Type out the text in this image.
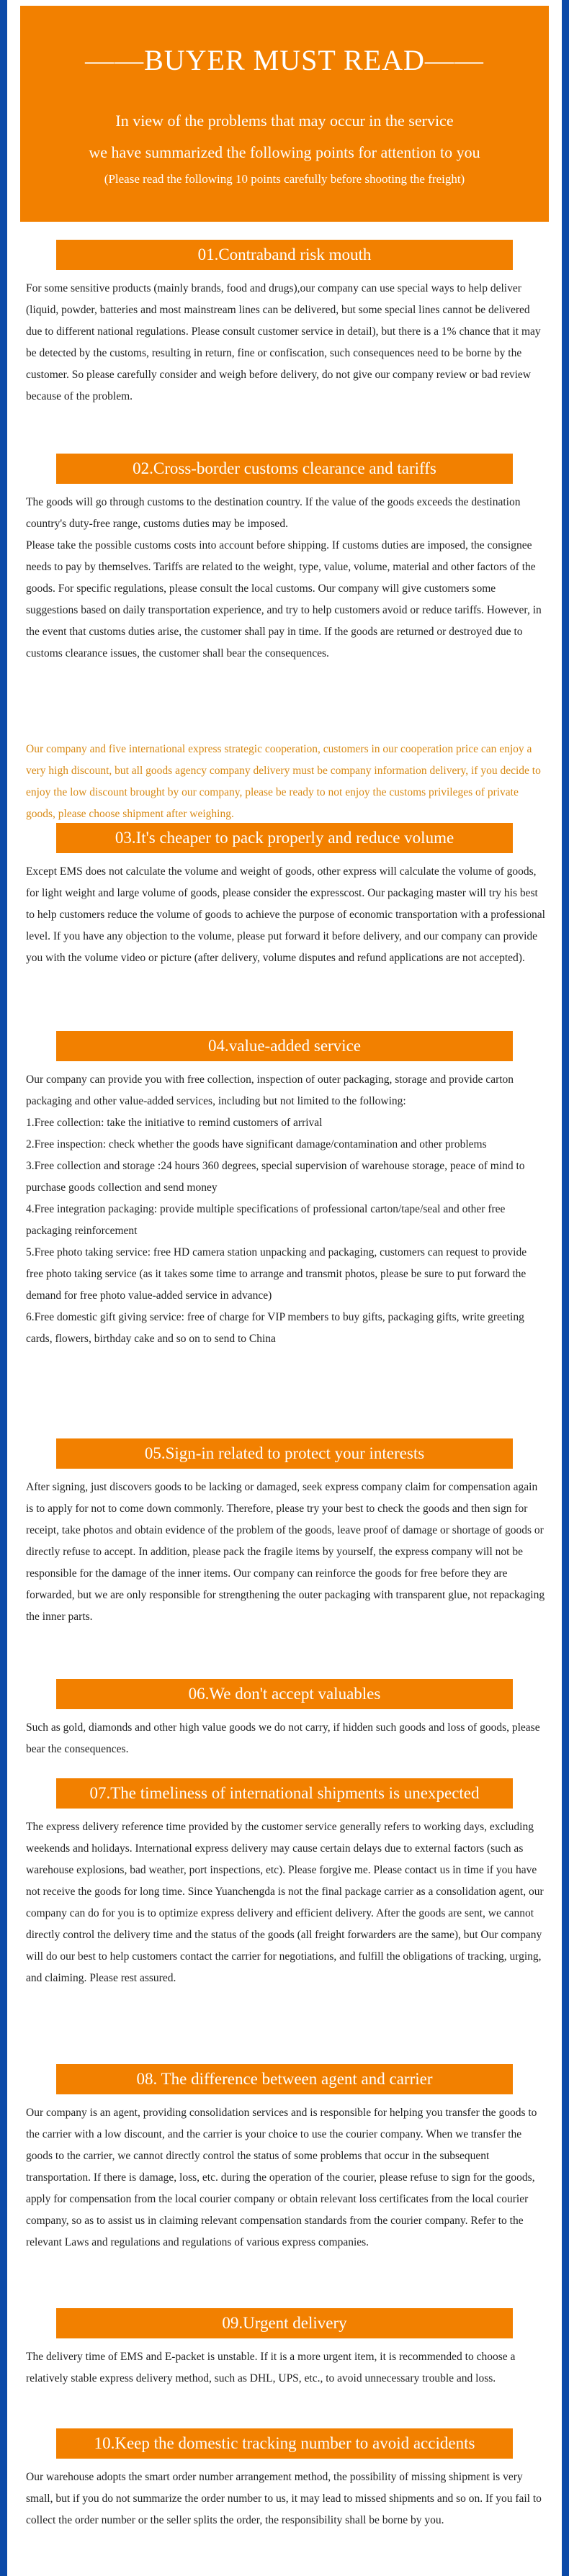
——BUYER MUST READ——
In view of the problems that may occur in the service
we have summarized the following points for attention to you
(Please read the following 10 points carefully before shooting the freight)
01.Contraband risk mouth

For some sensitive products (mainly brands, food and drugs),our company can use special ways to help deliver (liquid, powder, batteries and most mainstream lines can be delivered, but some special lines cannot be delivered due to different national regulations. Please consult customer service in detail), but there is a 1% chance that it may be detected by the customs, resulting in return, fine or confiscation, such consequences need to be borne by the customer. So please carefully consider and weigh before delivery, do not give our company review or bad review because of the problem.

02.Cross-border customs clearance and tariffs

The goods will go through customs to the destination country. If the value of the goods exceeds the destination country's duty-free range, customs duties may be imposed.

Please take the possible customs costs into account before shipping. If customs duties are imposed, the consignee needs to pay by themselves. Tariffs are related to the weight, type, value, volume, material and other factors of the goods. For specific regulations, please consult the local customs. Our company will give customers some suggestions based on daily transportation experience, and try to help customers avoid or reduce tariffs. However, in the event that customs duties arise, the customer shall pay in time. If the goods are returned or destroyed due to customs clearance issues, the customer shall bear the consequences.

Our company and five international express strategic cooperation, customers in our cooperation price can enjoy a very high discount, but all goods agency company delivery must be company information delivery, if you decide to enjoy the low discount brought by our company, please be ready to not enjoy the customs privileges of private goods, please choose shipment after weighing.
03.It's cheaper to pack properly and reduce volume

Except EMS does not calculate the volume and weight of goods, other express will calculate the volume of goods, for light weight and large volume of goods, please consider the expresscost. Our packaging master will try his best to help customers reduce the volume of goods to achieve the purpose of economic transportation with a professional level. If you have any objection to the volume, please put forward it before delivery, and our company can provide you with the volume video or picture (after delivery, volume disputes and refund applications are not accepted).

04.value-added service

Our company can provide you with free collection, inspection of outer packaging, storage and provide carton packaging and other value-added services, including but not limited to the following:

1.Free collection: take the initiative to remind customers of arrival

2.Free inspection: check whether the goods have significant damage/contamination and other problems

3.Free collection and storage :24 hours 360 degrees, special supervision of warehouse storage, peace of mind to purchase goods collection and send money

4.Free integration packaging: provide multiple specifications of professional carton/tape/seal and other free packaging reinforcement

5.Free photo taking service: free HD camera station unpacking and packaging, customers can request to provide free photo taking service (as it takes some time to arrange and transmit photos, please be sure to put forward the demand for free photo value-added service in advance)

6.Free domestic gift giving service: free of charge for VIP members to buy gifts, packaging gifts, write greeting cards, flowers, birthday cake and so on to send to China

05.Sign-in related to protect your interests

After signing, just discovers goods to be lacking or damaged, seek express company claim for compensation again is to apply for not to come down commonly. Therefore, please try your best to check the goods and then sign for receipt, take photos and obtain evidence of the problem of the goods, leave proof of damage or shortage of goods or directly refuse to accept. In addition, please pack the fragile items by yourself, the express company will not be responsible for the damage of the inner items. Our company can reinforce the goods for free before they are forwarded, but we are only responsible for strengthening the outer packaging with transparent glue, not repackaging the inner parts.

06.We don't accept valuables

Such as gold, diamonds and other high value goods we do not carry, if hidden such goods and loss of goods, please bear the consequences.

07.The timeliness of international shipments is unexpected

The express delivery reference time provided by the customer service generally refers to working days, excluding weekends and holidays. International express delivery may cause certain delays due to external factors (such as warehouse explosions, bad weather, port inspections, etc). Please forgive me. Please contact us in time if you have not receive the goods for long time. Since Yuanchengda is not the final package carrier as a consolidation agent, our company can do for you is to optimize express delivery and efficient delivery. After the goods are sent, we cannot directly control the delivery time and the status of the goods (all freight forwarders are the same), but Our company will do our best to help customers contact the carrier for negotiations, and fulfill the obligations of tracking, urging, and claiming. Please rest assured.

08. The difference between agent and carrier

Our company is an agent, providing consolidation services and is responsible for helping you transfer the goods to the carrier with a low discount, and the carrier is your choice to use the courier company. When we transfer the goods to the carrier, we cannot directly control the status of some problems that occur in the subsequent transportation. If there is damage, loss, etc. during the operation of the courier, please refuse to sign for the goods, apply for compensation from the local courier company or obtain relevant loss certificates from the local courier company, so as to assist us in claiming relevant compensation standards from the courier company. Refer to the relevant Laws and regulations and regulations of various express companies.

09.Urgent delivery

The delivery time of EMS and E-packet is unstable. If it is a more urgent item, it is recommended to choose a relatively stable express delivery method, such as DHL, UPS, etc., to avoid unnecessary trouble and loss.

10.Keep the domestic tracking number to avoid accidents

Our warehouse adopts the smart order number arrangement method, the possibility of missing shipment is very small, but if you do not summarize the order number to us, it may lead to missed shipments and so on. If you fail to collect the order number or the seller splits the order, the responsibility shall be borne by you.
